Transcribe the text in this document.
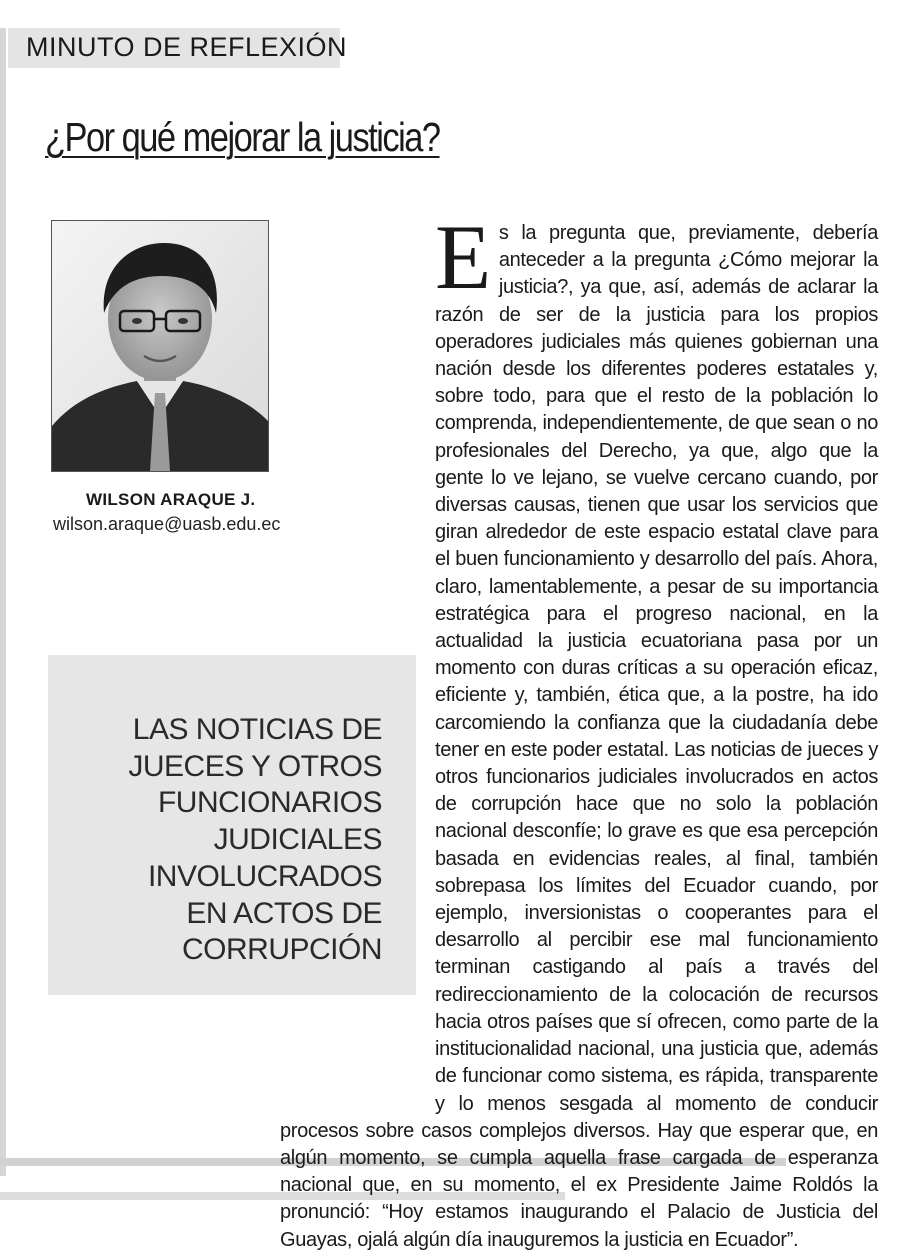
MINUTO DE REFLEXIÓN
¿Por qué mejorar la justicia?
WILSON ARAQUE J.
wilson.araque@uasb.edu.ec

LAS NOTICIAS DE JUECES Y OTROS FUNCIONARIOS JUDICIALES INVOLUCRADOS EN ACTOS DE CORRUPCIÓN

Es la pregunta que, previamente, debería anteceder a la pregunta ¿Cómo mejorar la justicia?, ya que, así, además de aclarar la razón de ser de la justicia para los propios operadores judiciales más quienes gobiernan una nación desde los diferentes poderes estatales y, sobre todo, para que el resto de la población lo comprenda, independientemente, de que sean o no profesionales del Derecho, ya que, algo que la gente lo ve lejano, se vuelve cercano cuando, por diversas causas, tienen que usar los servicios que giran alrededor de este espacio estatal clave para el buen funcionamiento y desarrollo del país. Ahora, claro, lamentablemente, a pesar de su importancia estratégica para el progreso nacional, en la actualidad la justicia ecuatoriana pasa por un momento con duras críticas a su operación eficaz, eficiente y, también, ética que, a la postre, ha ido carcomiendo la confianza que la ciudadanía debe tener en este poder estatal. Las noticias de jueces y otros funcionarios judiciales involucrados en actos de corrupción hace que no solo la población nacional desconfíe; lo grave es que esa percepción basada en evidencias reales, al final, también sobrepasa los límites del Ecuador cuando, por ejemplo, inversionistas o cooperantes para el desarrollo al percibir ese mal funcionamiento terminan castigando al país a través del redireccionamiento de la colocación de recursos hacia otros países que sí ofrecen, como parte de la institucionalidad nacional, una justicia que, además de funcionar como sistema, es rápida, transparente y lo menos sesgada al momento de conducir procesos sobre casos complejos diversos. Hay que esperar que, en algún momento, se cumpla aquella frase cargada de esperanza nacional que, en su momento, el ex Presidente Jaime Roldós la pronunció: “Hoy estamos inaugurando el Palacio de Justicia del Guayas, ojalá algún día inauguremos la justicia en Ecuador”.
